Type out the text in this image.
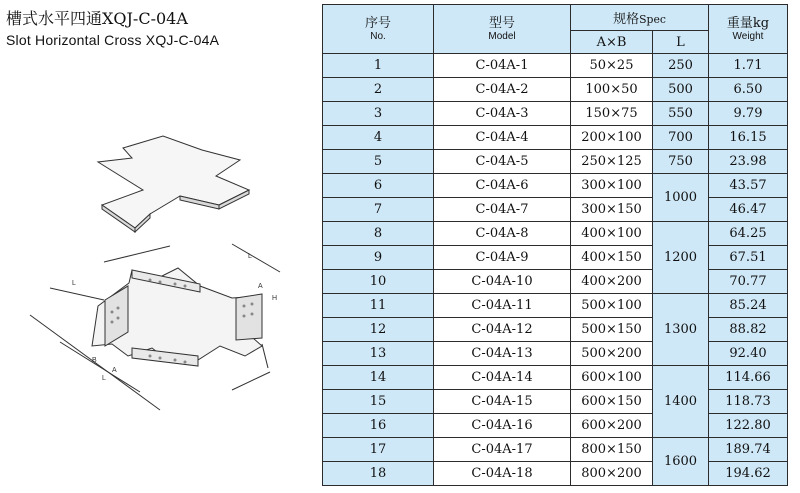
槽式水平四通XQJ-C-04A
Slot Horizontal Cross XQJ-C-04A
L
B
L
A
H
A
L
序号
No.	型号
Model	规格Spec		重量kg
Weight

		A×B	L	
1	C-04A-1	50×25	250	1.71
2	C-04A-2	100×50	500	6.50
3	C-04A-3	150×75	550	9.79
4	C-04A-4	200×100	700	16.15
5	C-04A-5	250×125	750	23.98
6	C-04A-6	300×100	1000	43.57
7	C-04A-7	300×150		46.47
8	C-04A-8	400×100	1200	64.25
9	C-04A-9	400×150		67.51
10	C-04A-10	400×200		70.77
11	C-04A-11	500×100	1300	85.24
12	C-04A-12	500×150		88.82
13	C-04A-13	500×200		92.40
14	C-04A-14	600×100	1400	114.66
15	C-04A-15	600×150		118.73
16	C-04A-16	600×200		122.80
17	C-04A-17	800×150	1600	189.74
18	C-04A-18	800×200		194.62
